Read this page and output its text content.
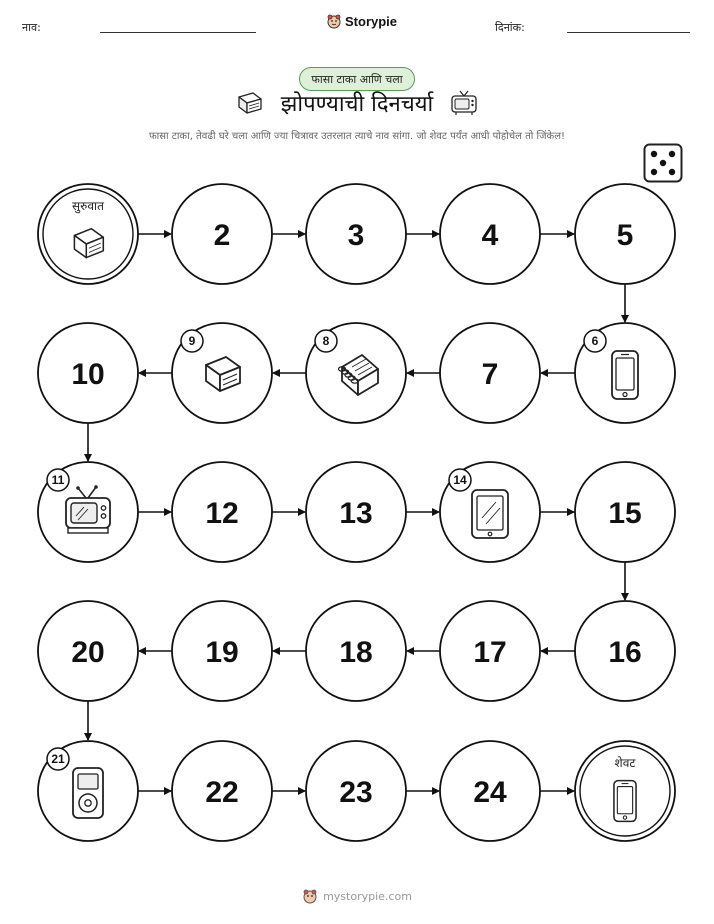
नाव:	Storypie	दिनांक:
फासा टाका आणि चला
झोपण्याची दिनचर्या
फासा टाका, तेवढी घरे चला आणि ज्या चित्रावर उतरलात त्याचे नाव सांगा. जो शेवट पर्यंत आधी पोहोचेल तो जिंकेल!
सुरुवात
2	3	4	5
6
7
8
9
10
11
12	13
14
15
16
17
18
19
20
21
22	23	24
शेवट
mystorypie.com
